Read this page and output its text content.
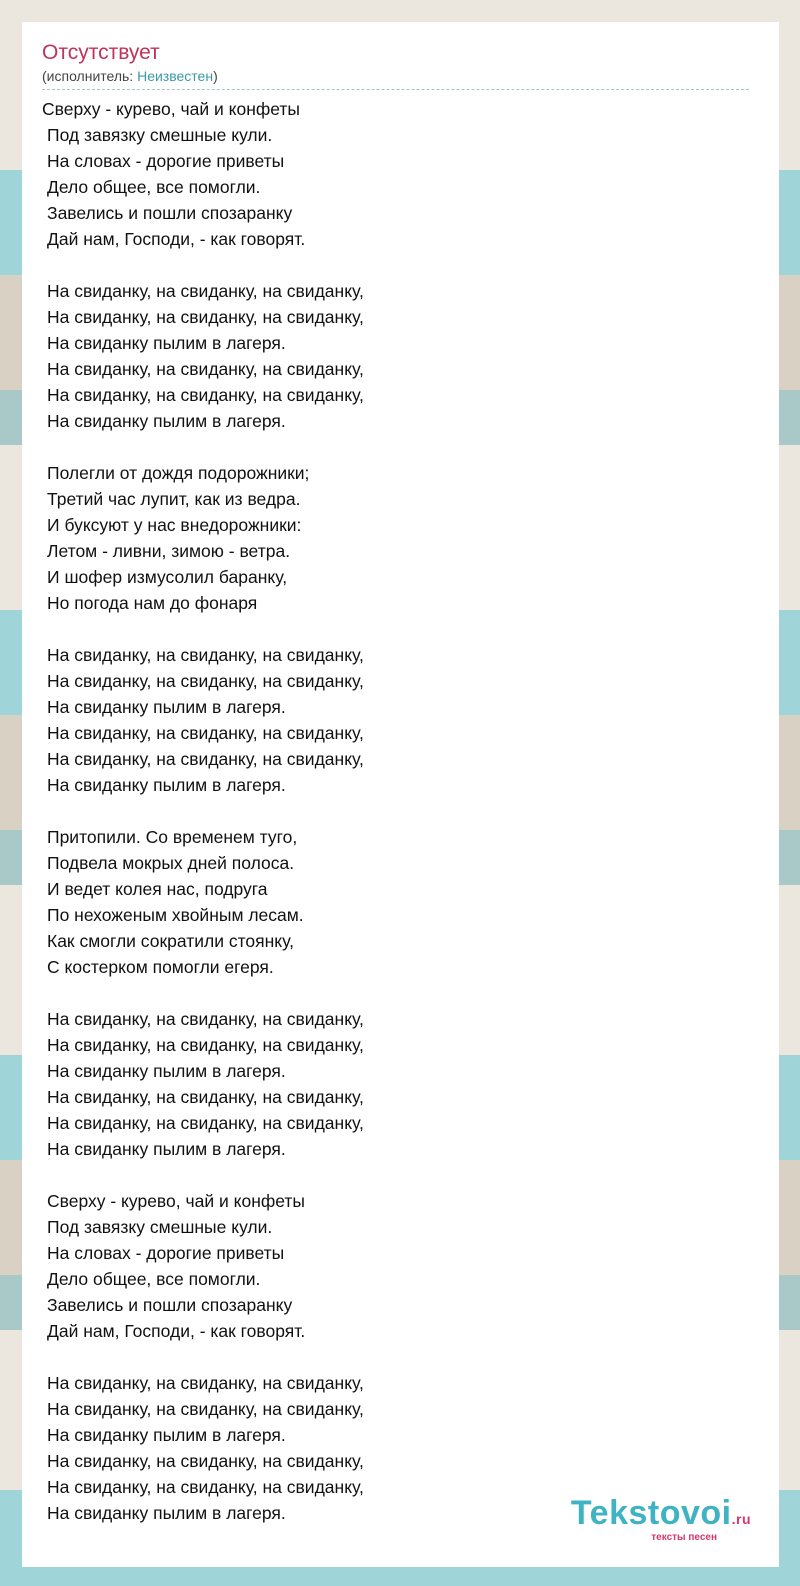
Отсутствует
(исполнитель: Неизвестен)
Сверху - курево, чай и конфеты
Под завязку смешные кули.
На словах - дорогие приветы
Дело общее, все помогли.
Завелись и пошли спозаранку
Дай нам, Господи, - как говорят.
На свиданку, на свиданку, на свиданку,
На свиданку, на свиданку, на свиданку,
На свиданку пылим в лагеря.
На свиданку, на свиданку, на свиданку,
На свиданку, на свиданку, на свиданку,
На свиданку пылим в лагеря.
Полегли от дождя подорожники;
Третий час лупит, как из ведра.
И буксуют у нас внедорожники:
Летом - ливни, зимою - ветра.
И шофер измусолил баранку,
Но погода нам до фонаря
На свиданку, на свиданку, на свиданку,
На свиданку, на свиданку, на свиданку,
На свиданку пылим в лагеря.
На свиданку, на свиданку, на свиданку,
На свиданку, на свиданку, на свиданку,
На свиданку пылим в лагеря.
Притопили. Со временем туго,
Подвела мокрых дней полоса.
И ведет колея нас, подруга
По нехоженым хвойным лесам.
Как смогли сократили стоянку,
С костерком помогли егеря.
На свиданку, на свиданку, на свиданку,
На свиданку, на свиданку, на свиданку,
На свиданку пылим в лагеря.
На свиданку, на свиданку, на свиданку,
На свиданку, на свиданку, на свиданку,
На свиданку пылим в лагеря.
Сверху - курево, чай и конфеты
Под завязку смешные кули.
На словах - дорогие приветы
Дело общее, все помогли.
Завелись и пошли спозаранку
Дай нам, Господи, - как говорят.
На свиданку, на свиданку, на свиданку,
На свиданку, на свиданку, на свиданку,
На свиданку пылим в лагеря.
На свиданку, на свиданку, на свиданку,
На свиданку, на свиданку, на свиданку,
На свиданку пылим в лагеря.	Tekstovoi.ru
тексты песен
